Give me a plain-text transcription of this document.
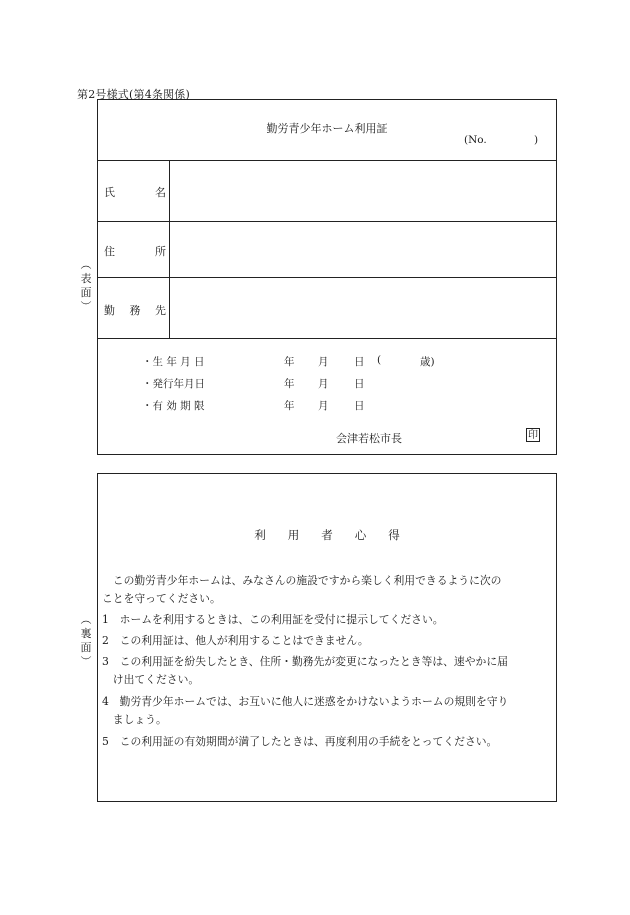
第2号様式(第4条関係)
︵
表
面
︶
勤労青少年ホーム利用証
(No.	)
氏	名
住	所
勤 務 先
・生 年 月 日	年 月 日 (	歳)
・発行年月日	年 月 日
・有 効 期 限	年 月 日
会津若松市長	印
︵
裏
面
︶
利 用 者 心 得
　この勤労青少年ホームは、みなさんの施設ですから楽しく利用できるように次の
ことを守ってください。
1　ホームを利用するときは、この利用証を受付に提示してください。
2　この利用証は、他人が利用することはできません。
3　この利用証を紛失したとき、住所・勤務先が変更になったとき等は、速やかに届
　け出てください。
4　勤労青少年ホームでは、お互いに他人に迷惑をかけないようホームの規則を守り
　ましょう。
5　この利用証の有効期間が満了したときは、再度利用の手続をとってください。
